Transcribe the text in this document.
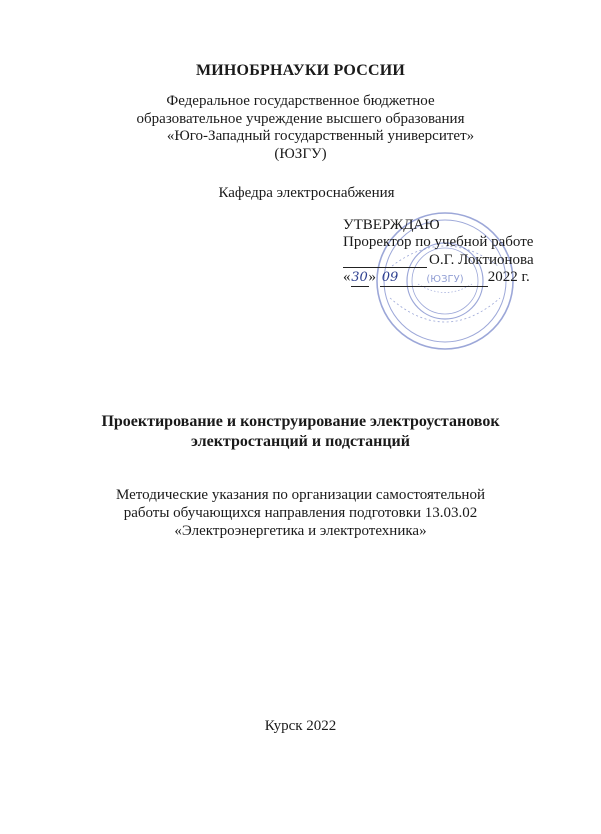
МИНОБРНАУКИ РОССИИ
Федеральное государственное бюджетное
образовательное учреждение высшего образования
«Юго-Западный государственный университет»
(ЮЗГУ)
Кафедра электроснабжения
(ЮЗГУ)
УТВЕРЖДАЮ
Проректор по учебной работе
О.Г. Локтионова
«30» 09	2022 г.
Проектирование и конструирование электроустановок
электростанций и подстанций
Методические указания по организации самостоятельной
работы обучающихся направления подготовки 13.03.02
«Электроэнергетика и электротехника»
Курск 2022
